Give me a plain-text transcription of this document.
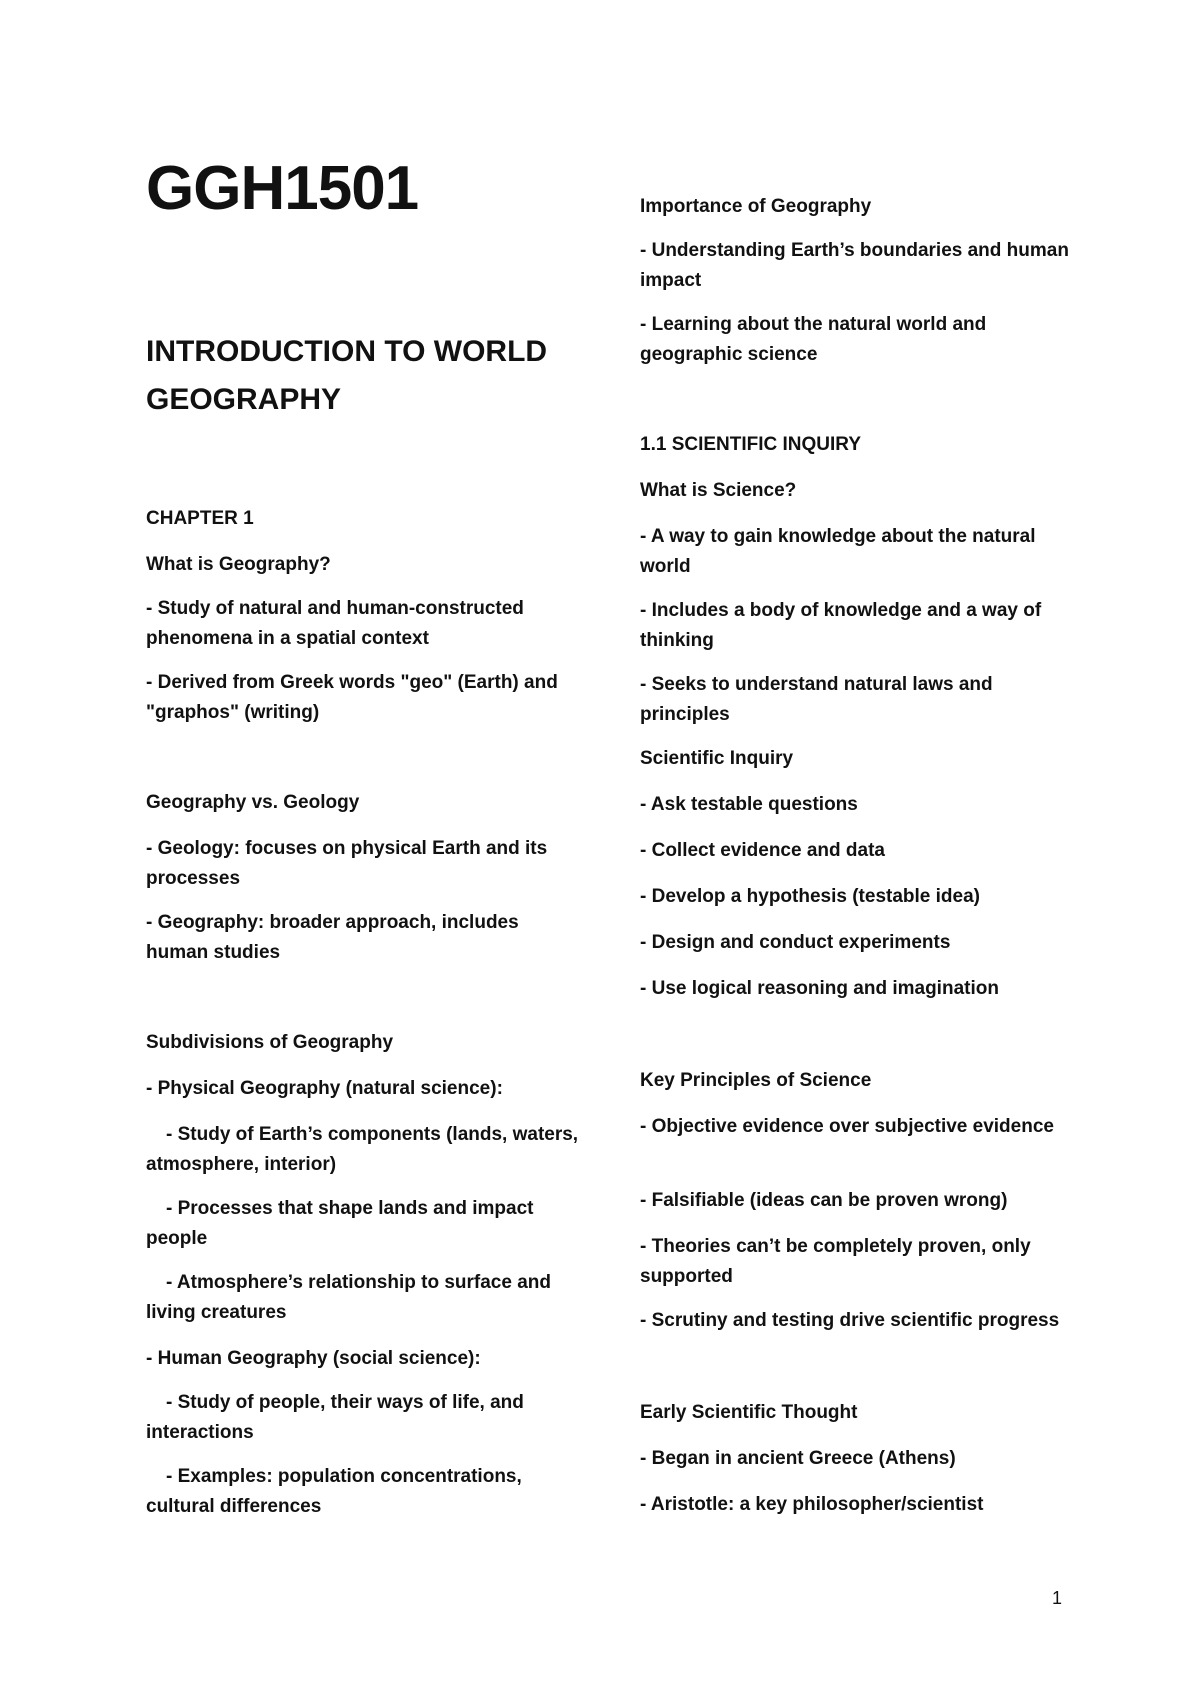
GGH1501
INTRODUCTION TO WORLD GEOGRAPHY

CHAPTER 1

What is Geography?

- Study of natural and human-constructed phenomena in a spatial context

- Derived from Greek words "geo" (Earth) and "graphos" (writing)

Geography vs. Geology

- Geology: focuses on physical Earth and its processes

- Geography: broader approach, includes human studies

Subdivisions of Geography

- Physical Geography (natural science):

- Study of Earth’s components (lands, waters, atmosphere, interior)

- Processes that shape lands and impact people

- Atmosphere’s relationship to surface and living creatures

- Human Geography (social science):

- Study of people, their ways of life, and interactions

- Examples: population concentrations, cultural differences

Importance of Geography

- Understanding Earth’s boundaries and human impact

- Learning about the natural world and geographic science

1.1 SCIENTIFIC INQUIRY

What is Science?

- A way to gain knowledge about the natural world

- Includes a body of knowledge and a way of thinking

- Seeks to understand natural laws and principles

Scientific Inquiry

- Ask testable questions

- Collect evidence and data

- Develop a hypothesis (testable idea)

- Design and conduct experiments

- Use logical reasoning and imagination

Key Principles of Science

- Objective evidence over subjective evidence

- Falsifiable (ideas can be proven wrong)

- Theories can’t be completely proven, only supported

- Scrutiny and testing drive scientific progress

Early Scientific Thought

- Began in ancient Greece (Athens)

- Aristotle: a key philosopher/scientist

1
